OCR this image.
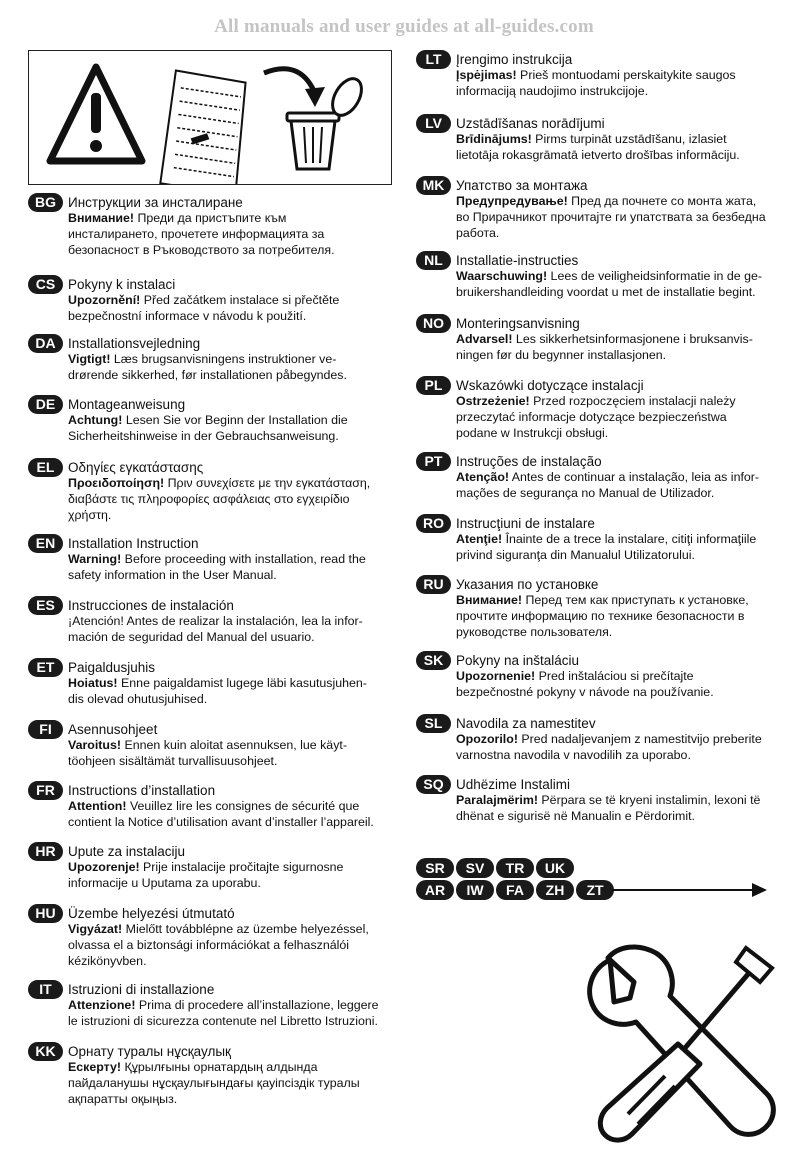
All manuals and user guides at all-guides.com
BG Инструкции за инсталиране
Внимание! Преди да пристъпите към
инсталирането, прочетете информацията за
безопасност в Ръководството за потребителя.
CS Pokyny k instalaci
Upozornění! Před začátkem instalace si přečtěte
bezpečnostní informace v návodu k použití.
DA Installationsvejledning
Vigtigt! Læs brugsanvisningens instruktioner ve-
drørende sikkerhed, før installationen påbegyndes.
DE Montageanweisung
Achtung! Lesen Sie vor Beginn der Installation die
Sicherheitshinweise in der Gebrauchsanweisung.
EL	Οδηγίες εγκατάστασης
Προειδοποίηση! Πριν συνεχίσετε με την εγκατάσταση,
διαβάστε τις πληροφορίες ασφάλειας στο εγχειρίδιο
χρήστη.
EN Installation Instruction
Warning! Before proceeding with installation, read the
safety information in the User Manual.
ES Instrucciones de instalación
¡Atención! Antes de realizar la instalación, lea la infor-
mación de seguridad del Manual del usuario.
ET	Paigaldusjuhis
Hoiatus! Enne paigaldamist lugege läbi kasutusjuhen-
dis olevad ohutusjuhised.
FI	Asennusohjeet
Varoitus! Ennen kuin aloitat asennuksen, lue käyt-
töohjeen sisältämät turvallisuusohjeet.
FR Instructions d’installation
Attention! Veuillez lire les consignes de sécurité que
contient la Notice d’utilisation avant d’installer l’appareil.
HR Upute za instalaciju
Upozorenje! Prije instalacije pročitajte sigurnosne
informacije u Uputama za uporabu.
HU Üzembe helyezési útmutató
Vigyázat! Mielőtt továbblépne az üzembe helyezéssel,
olvassa el a biztonsági információkat a felhasználói
kézikönyvben.
IT	Istruzioni di installazione
Attenzione! Prima di procedere all’installazione, leggere
le istruzioni di sicurezza contenute nel Libretto Istruzioni.
KK Орнату туралы нұсқаулық
Ескерту! Құрылғыны орнатардың алдында
пайдаланушы нұсқаулығындағы қауіпсіздік туралы
ақпаратты оқыңыз.
LT	Įrengimo instrukcija
Įspėjimas! Prieš montuodami perskaitykite saugos
informaciją naudojimo instrukcijoje.
LV	Uzstādīšanas norādījumi
Brīdinājums! Pirms turpināt uzstādīšanu, izlasiet
lietotāja rokasgrāmatā ietverto drošības informāciju.
MK Упатство за монтажа
Предупредување! Пред да почнете со монта жата,
во Прирачникот прочитајте ги упатствата за безбедна
работа.
NL Installatie-instructies
Waarschuwing! Lees de veiligheidsinformatie in de ge-
bruikershandleiding voordat u met de installatie begint.
NO Monteringsanvisning
Advarsel! Les sikkerhetsinformasjonene i bruksanvis-
ningen før du begynner installasjonen.
PL	Wskazówki dotyczące instalacji
Ostrzeżenie! Przed rozpoczęciem instalacji należy
przeczytać informacje dotyczące bezpieczeństwa
podane w Instrukcji obsługi.
PT	Instruções de instalação
Atenção! Antes de continuar a instalação, leia as infor-
mações de segurança no Manual de Utilizador.
RO Instrucţiuni de instalare
Atenţie! Înainte de a trece la instalare, citiţi informaţiile
privind siguranţa din Manualul Utilizatorului.
RU Указания по установке
Внимание! Перед тем как приступать к установке,
прочтите информацию по технике безопасности в
руководстве пользователя.
SK Pokyny na inštaláciu
Upozornenie! Pred inštaláciou si prečítajte
bezpečnostné pokyny v návode na používanie.
SL	Navodila za namestitev
Opozorilo! Pred nadaljevanjem z namestitvijo preberite
varnostna navodila v navodilih za uporabo.
SQ Udhëzime Instalimi
Paralajmërim! Përpara se të kryeni instalimin, lexoni të
dhënat e sigurisë në Manualin e Përdorimit.
SR	SV	TR	UK
AR	IW	FA	ZH	ZT
